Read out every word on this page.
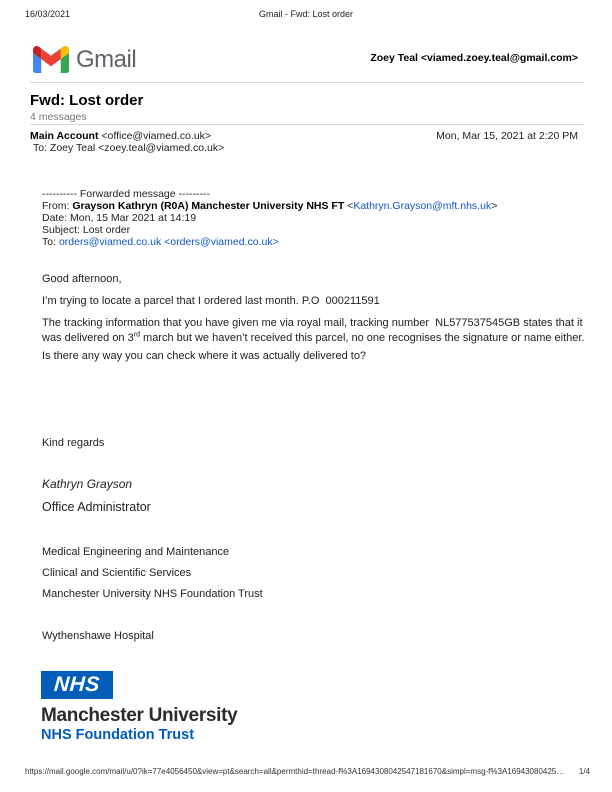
16/03/2021	Gmail - Fwd: Lost order
Gmail	Zoey Teal <viamed.zoey.teal@gmail.com>
Fwd: Lost order
4 messages
Main Account <office@viamed.co.uk>	Mon, Mar 15, 2021 at 2:20 PM
To: Zoey Teal <zoey.teal@viamed.co.uk>
---------- Forwarded message ---------
From: Grayson Kathryn (R0A) Manchester University NHS FT <Kathryn.Grayson@mft.nhs.uk>
Date: Mon, 15 Mar 2021 at 14:19
Subject: Lost order
To: orders@viamed.co.uk <orders@viamed.co.uk>
Good afternoon,
I’m trying to locate a parcel that I ordered last month. P.O  000211591
The tracking information that you have given me via royal mail, tracking number  NL577537545GB states that it was delivered on 3rd march but we haven’t received this parcel, no one recognises the signature or name either.
Is there any way you can check where it was actually delivered to?
Kind regards
Kathryn Grayson
Office Administrator
Medical Engineering and Maintenance
Clinical and Scientific Services
Manchester University NHS Foundation Trust
Wythenshawe Hospital
NHS
Manchester University
NHS Foundation Trust
https://mail.google.com/mail/u/0?ik=77e4056450&view=pt&search=all&permthid=thread-f%3A1694308042547181670&simpl=msg-f%3A16943080425… 1/4
